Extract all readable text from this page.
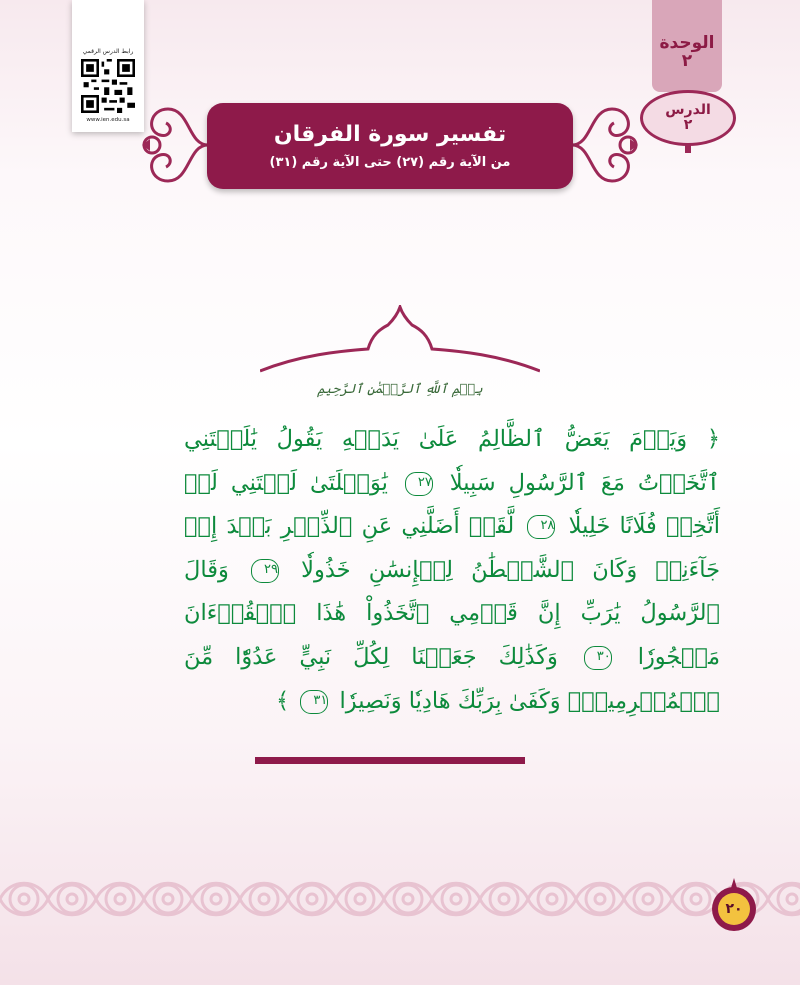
رابط الدرس الرقمي
www.ien.edu.sa
الوحدة
٢
الدرس
٢
تفسير سورة الفرقان
من الآية رقم (٢٧) حتى الآية رقم (٣١)
بِسۡمِ ٱللَّهِ ٱلرَّحۡمَٰنِ ٱلرَّحِيمِ
﴿ وَيَوۡمَ يَعَضُّ ٱلظَّالِمُ عَلَىٰ يَدَيۡهِ يَقُولُ يَٰلَيۡتَنِي ٱتَّخَذۡتُ مَعَ ٱلرَّسُولِ سَبِيلٗا ٢٧ يَٰوَيۡلَتَىٰ لَيۡتَنِي لَمۡ أَتَّخِذۡ فُلَانًا خَلِيلٗا ٢٨ لَّقَدۡ أَضَلَّنِي عَنِ ٱلذِّكۡرِ بَعۡدَ إِذۡ جَآءَنِيۗ وَكَانَ ٱلشَّيۡطَٰنُ لِلۡإِنسَٰنِ خَذُولٗا ٢٩ وَقَالَ ٱلرَّسُولُ يَٰرَبِّ إِنَّ قَوۡمِي ٱتَّخَذُواْ هَٰذَا ٱلۡقُرۡءَانَ مَهۡجُورٗا ٣٠ وَكَذَٰلِكَ جَعَلۡنَا لِكُلِّ نَبِيٍّ عَدُوّٗا مِّنَ ٱلۡمُجۡرِمِينَۗ وَكَفَىٰ بِرَبِّكَ هَادِيٗا وَنَصِيرٗا ٣١ ﴾
٢٠
